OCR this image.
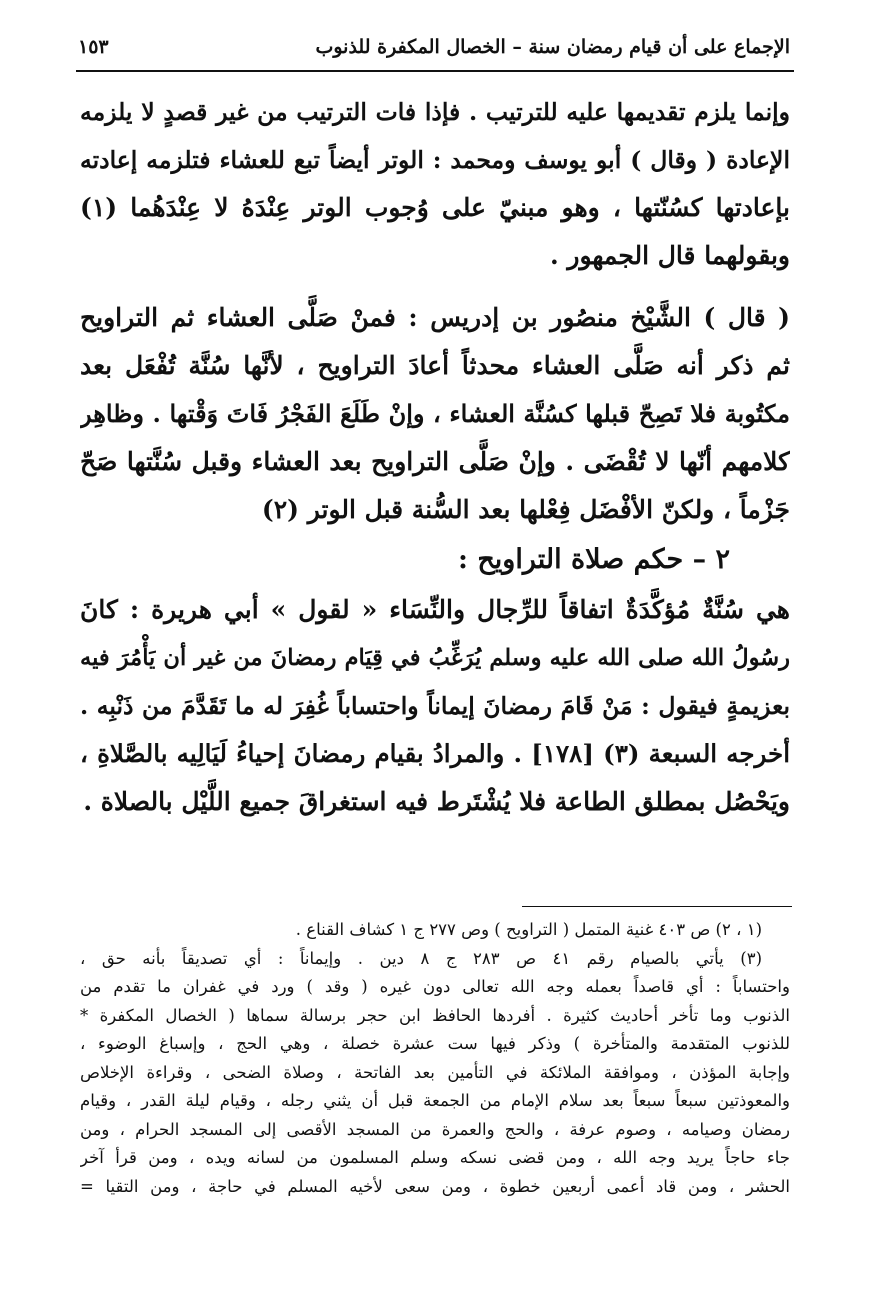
الإجماع على أن قيام رمضان سنة – الخصال المكفرة للذنوب
١٥٣
وإنما يلزم تقديمها عليه للترتيب . فإذا فات الترتيب من غير قصدٍ لا يلزمه
الإعادة ( وقال ) أبو يوسف ومحمد : الوتر أيضاً تبع للعشاء فتلزمه إعادته
بإعادتها كسُنّتها ، وهو مبنيّ على وُجوب الوتر عِنْدَهُ لا عِنْدَهُما (١)
وبقولهما قال الجمهور .
( قال ) الشَّيْخ منصُور بن إدريس : فمنْ صَلَّى العشاء ثم التراويح
ثم ذكر أنه صَلَّى العشاء محدثاً أعادَ التراويح ، لأنَّها سُنَّة تُفْعَل بعد
مكتُوبة فلا تَصِحّ قبلها كسُنَّة العشاء ، وإنْ طَلَعَ الفَجْرُ فَاتَ وَقْتها . وظاهِر
كلامهم أنّها لا تُقْضَى . وإنْ صَلَّى التراويح بعد العشاء وقبل سُنَّتها صَحّ
جَزْماً ، ولكنّ الأفْضَل فِعْلها بعد السُّنة قبل الوتر (٢)
٢ – حكم صلاة التراويح :
هي سُنَّةٌ مُؤكَّدَةٌ اتفاقاً للرِّجال والنِّسَاء « لقول » أبي هريرة : كانَ
رسُولُ الله صلى الله عليه وسلم يُرَغِّبُ في قِيَام رمضانَ من غير أن يَأْمُرَ فيه
بعزيمةٍ فيقول : مَنْ قَامَ رمضانَ إيماناً واحتساباً غُفِرَ له ما تَقَدَّمَ من ذَنْبِه .
أخرجه السبعة (٣) [١٧٨] . والمرادُ بقيام رمضانَ إحياءُ لَيَالِيه بالصَّلاةِ ،
ويَحْصُل بمطلق الطاعة فلا يُشْتَرط فيه استغراقَ جميع اللَّيْل بالصلاة .
(١ ، ٢) ص ٤٠٣ غنية المتمل ( التراويح ) وص ٢٧٧ ج ١ كشاف القناع .
(٣) يأتي بالصيام رقم ٤١ ص ٢٨٣ ج ٨ دين . وإيماناً : أي تصديقاً بأنه حق ،
واحتساباً : أي قاصداً بعمله وجه الله تعالى دون غيره ( وقد ) ورد في غفران ما تقدم من
الذنوب وما تأخر أحاديث كثيرة . أفردها الحافظ ابن حجر برسالة سماها ( الخصال المكفرة *
للذنوب المتقدمة والمتأخرة ) وذكر فيها ست عشرة خصلة ، وهي الحج ، وإسباغ الوضوء ،
وإجابة المؤذن ، وموافقة الملائكة في التأمين بعد الفاتحة ، وصلاة الضحى ، وقراءة الإخلاص
والمعوذتين سبعاً سبعاً بعد سلام الإمام من الجمعة قبل أن يثني رجله ، وقيام ليلة القدر ، وقيام
رمضان وصيامه ، وصوم عرفة ، والحج والعمرة من المسجد الأقصى إلى المسجد الحرام ، ومن
جاء حاجاً يريد وجه الله ، ومن قضى نسكه وسلم المسلمون من لسانه ويده ، ومن قرأ آخر
الحشر ، ومن قاد أعمى أربعين خطوة ، ومن سعى لأخيه المسلم في حاجة ، ومن التقيا =
